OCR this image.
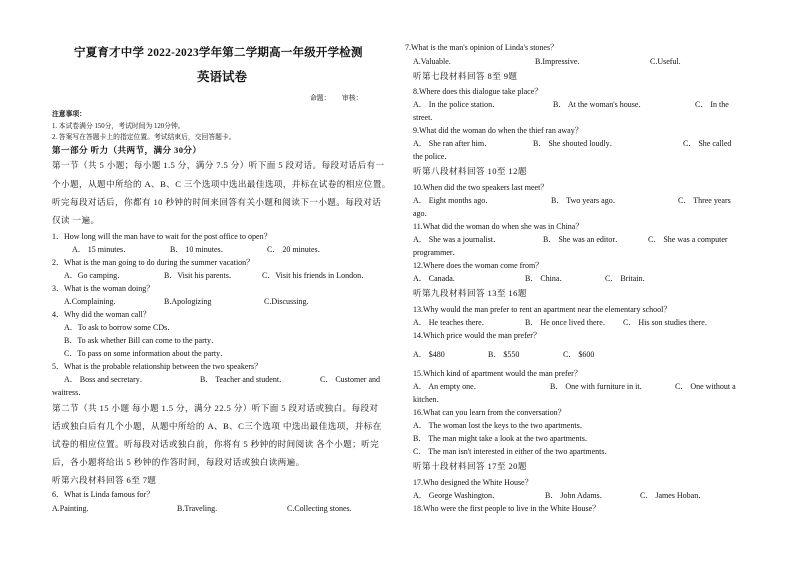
宁夏育才中学 2022-2023学年第二学期高一年级开学检测
英语试卷
命题： 审核：
注意事项：
1. 本试卷满分 150分，考试时间为 120分钟。
2. 答案写在答题卡上的指定位置。考试结束后，交回答题卡。
第一部分 听力（共两节，满分 30分）
第一节（共 5 小题；每小题 1.5 分，满分 7.5 分）听下面 5 段对话。每段对话后有一
个小题，从题中所给的 A、B、C 三个选项中选出最佳选项，并标在试卷的相应位置。
听完每段对话后，你都有 10 秒钟的时间来回答有关小题和阅读下一小题。每段对话
仅读 一遍。
1．How long will the man have to wait for the post office to open？
A． 15 minutes．	B． 10 minutes．	C． 20 minutes．
2．What is the man going to do during the summer vacation？
A．Go camping．	B．Visit his parents．	C．Visit his friends in London．
3．What is the woman doing？
A.Complaining.	B.Apologizing	C.Discussing.
4．Why did the woman call？
A．To ask to borrow some CDs．
B．To ask whether Bill can come to the party．
C．To pass on some information about the party．
5．What is the probable relationship between the two speakers？
A． Boss and secretary．	B． Teacher and student．	C． Customer and
waitress．
第二节（共 15 小题 每小题 1.5 分，满分 22.5 分）听下面 5 段对话或独白。每段对
话或独白后有几个小题，从题中所给的 A、B、C三个选项 中选出最佳选项，并标在
试卷的相应位置。听每段对话或独白前，你将有 5 秒钟的时间阅读 各个小题；听完
后，各小题将给出 5 秒钟的作答时间，每段对话或独白读两遍。
听第六段材料回答 6至 7题
6．What is Linda famous for？
A.Painting.	B.Traveling.	C.Collecting stones.
7.What is the man's opinion of Linda's stones？
A.Valuable.	B.Impressive.	C.Useful.
听第七段材料回答 8至 9题
8.Where does this dialogue take place？
A． In the police station．	B． At the woman's house．	C． In the
street.
9.What did the woman do when the thief ran away？
A． She ran after him．	B． She shouted loudly．	C． She called
the police．
听第八段材料回答 10至 12题
10.When did the two speakers last meet？
A． Eight months ago．	B． Two years ago．	C． Three years
ago．
11.What did the woman do when she was in China？
A． She was a journalist．	B． She was an editor．	C． She was a computer
programmer．
12.Where does the woman come from？
A． Canada.	B． China．	C． Britain．
听第九段材料回答 13至 16题
13.Why would the man prefer to rent an apartment near the elementary school？
A． He teaches there．	B． He once lived there． C． His son studies there．
14.Which price would the man prefer？
A． $480	B． $550	C． $600
15.Which kind of apartment would the man prefer？
A． An empty one．	B． One with furniture in it．	C． One without a
kitchen．
16.What can you learn from the conversation？
A． The woman lost the keys to the two apartments．
B． The man might take a look at the two apartments．
C． The man isn't interested in either of the two apartments．
听第十段材料回答 17至 20题
17.Who designed the White House？
A． George Washington．	B． John Adams．	C． James Hoban．
18.Who were the first people to live in the White House？
